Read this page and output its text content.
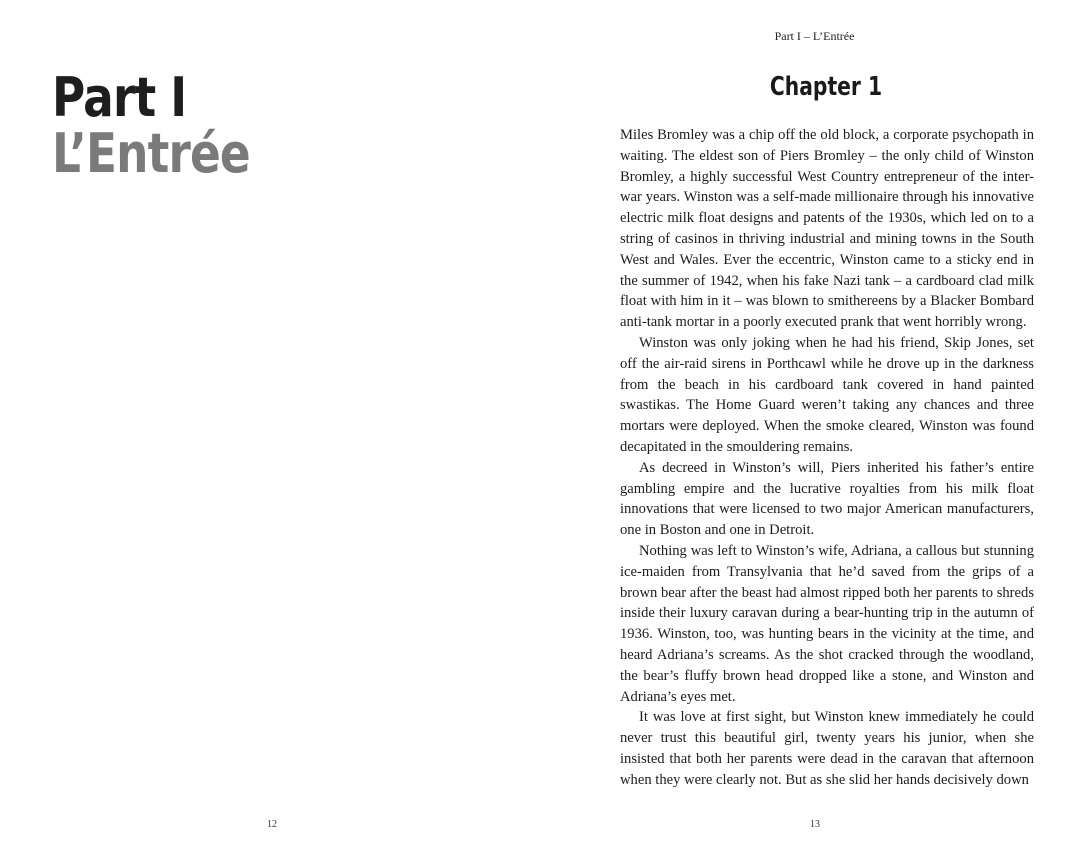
Part I
L’Entrée
12
Part I – L’Entrée
Chapter 1

Miles Bromley was a chip off the old block, a corporate psychopath in waiting. The eldest son of Piers Bromley – the only child of Winston Bromley, a highly successful West Country entrepreneur of the inter-war years. Winston was a self-made millionaire through his innovative electric milk float designs and patents of the 1930s, which led on to a string of casinos in thriving industrial and mining towns in the South West and Wales. Ever the eccentric, Winston came to a sticky end in the summer of 1942, when his fake Nazi tank – a cardboard clad milk float with him in it – was blown to smithereens by a Blacker Bombard anti-tank mortar in a poorly executed prank that went horribly wrong.

Winston was only joking when he had his friend, Skip Jones, set off the air-raid sirens in Porthcawl while he drove up in the darkness from the beach in his cardboard tank covered in hand painted swastikas. The Home Guard weren’t taking any chances and three mortars were deployed. When the smoke cleared, Winston was found decapitated in the smouldering remains.

As decreed in Winston’s will, Piers inherited his father’s entire gambling empire and the lucrative royalties from his milk float innovations that were licensed to two major American manufacturers, one in Boston and one in Detroit.

Nothing was left to Winston’s wife, Adriana, a callous but stunning ice-maiden from Transylvania that he’d saved from the grips of a brown bear after the beast had almost ripped both her parents to shreds inside their luxury caravan during a bear-hunting trip in the autumn of 1936. Winston, too, was hunting bears in the vicinity at the time, and heard Adriana’s screams. As the shot cracked through the woodland, the bear’s fluffy brown head dropped like a stone, and Winston and Adriana’s eyes met.

It was love at first sight, but Winston knew immediately he could never trust this beautiful girl, twenty years his junior, when she insisted that both her parents were dead in the caravan that afternoon when they were clearly not. But as she slid her hands decisively down

13
